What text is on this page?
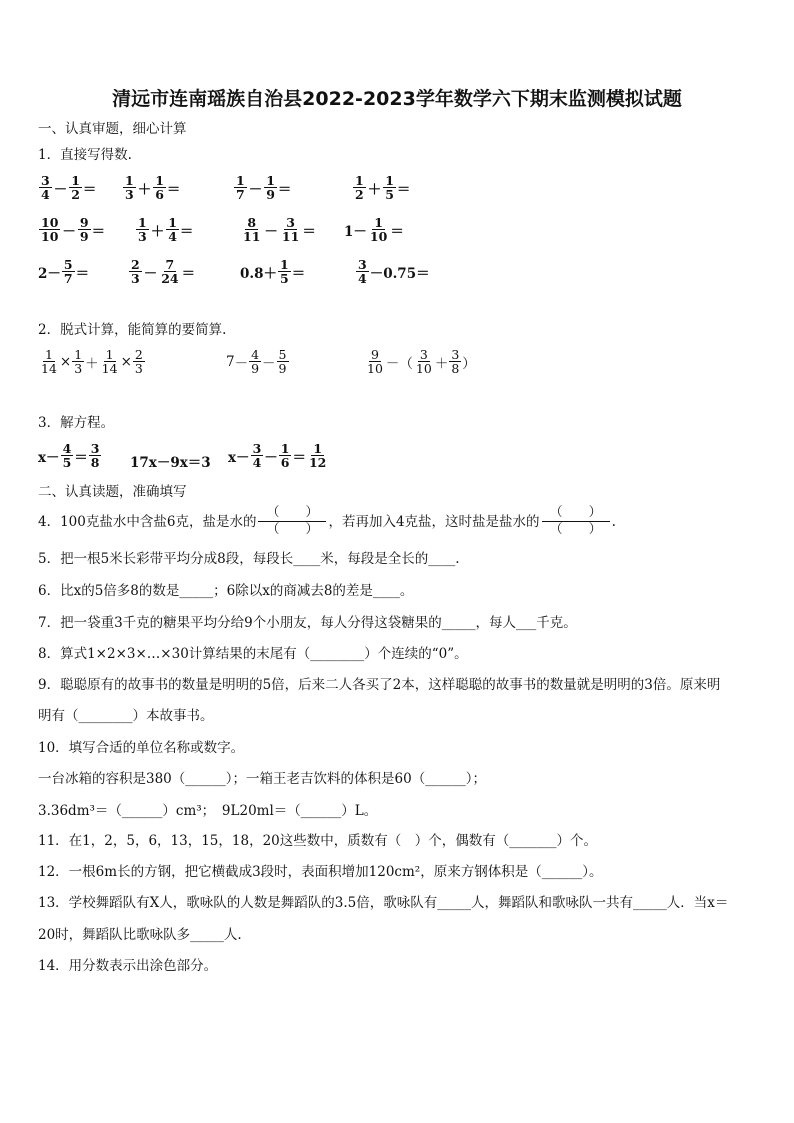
清远市连南瑶族自治县2022-2023学年数学六下期末监测模拟试题
一、认真审题，细心计算
1．直接写得数.
3
4 －
1
2 ＝
1
3 ＋
1
6 ＝
1
7 －
1
9 ＝
1
2 ＋
1
5 ＝
10
10 －
9
9 ＝
1
3 ＋
1
4 ＝
8
11 －
3
11 ＝ 1－
1
10 ＝
2－
5
7 ＝
2
3 －
7
24 ＝	0.8＋
1
5 ＝
3
4 －0.75＝
2．脱式计算，能简算的要简算.
$\frac{1}{14} \times \frac{1}{3} + \frac{1}{14} \times \frac{2}{3}$	7 －
4
9 －
5
9
9
10 － （
3
10 ＋
3
8 ）
3．解方程。
x－
4
5 ＝
3
8 17x－9x＝3 x－
3
4 －
1
6 ＝
1
12
二、认真读题，准确填写
4．100克盐水中含盐6克，盐是水的
（　　）
（　　） ，若再加入4克盐，这时盐是盐水的
（　　）
（　　） .
5．把一根5米长彩带平均分成8段，每段长____米，每段是全长的____.
6．比x的5倍多8的数是_____；6除以x的商减去8的差是____。
7．把一袋重3千克的糖果平均分给9个小朋友，每人分得这袋糖果的_____，每人___千克。
8．算式1×2×3×…×30计算结果的末尾有（________）个连续的“0”。
9．聪聪原有的故事书的数量是明明的5倍，后来二人各买了2本，这样聪聪的故事书的数量就是明明的3倍。原来明
明有（________）本故事书。
10．填写合适的单位名称或数字。
一台冰箱的容积是380（______）；一箱王老吉饮料的体积是60（______）；
3.36dm³＝（______）cm³；　9L20ml＝（______）L。
11．在1，2，5，6，13，15，18，20这些数中，质数有（　）个，偶数有（_______）个。
12．一根6m长的方钢，把它横截成3段时，表面积增加120cm²，原来方钢体积是（______）。
13．学校舞蹈队有X人，歌咏队的人数是舞蹈队的3.5倍，歌咏队有_____人，舞蹈队和歌咏队一共有_____人．当x＝
20时，舞蹈队比歌咏队多_____人.
14．用分数表示出涂色部分。
